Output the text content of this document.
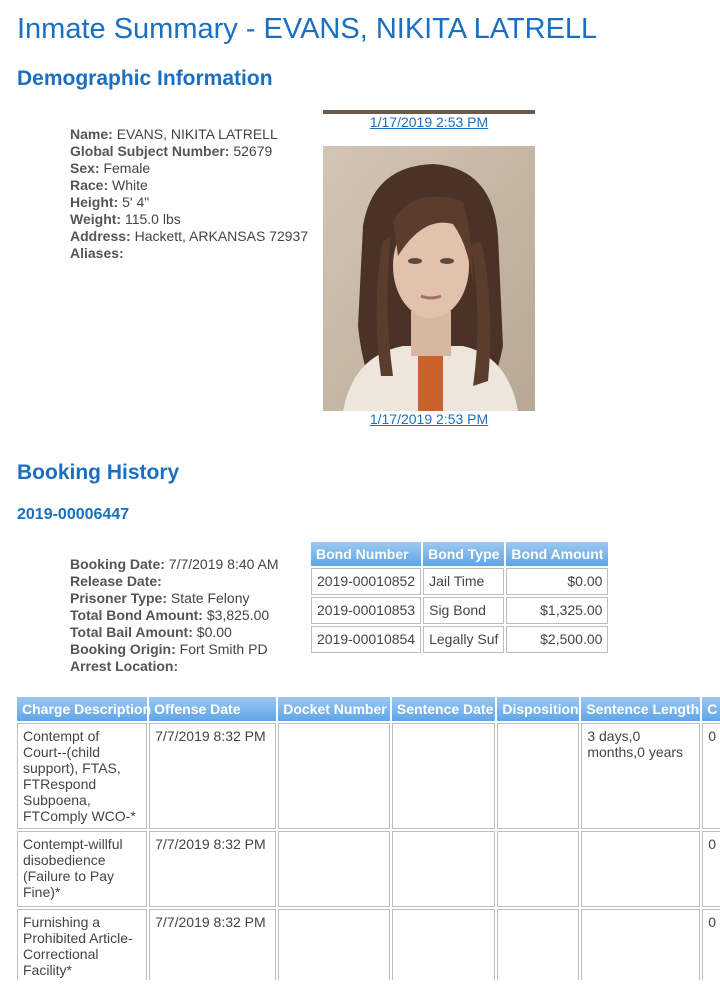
Inmate Summary - EVANS, NIKITA LATRELL
Demographic Information
1/17/2019 2:53 PM
Name: EVANS, NIKITA LATRELL
Global Subject Number: 52679
Sex: Female
Race: White
Height: 5' 4"
Weight: 115.0 lbs
Address: Hackett, ARKANSAS 72937
Aliases:
1/17/2019 2:53 PM
Booking History
2019-00006447
Booking Date: 7/7/2019 8:40 AM
Release Date:
Prisoner Type: State Felony
Total Bond Amount: $3,825.00
Total Bail Amount: $0.00
Booking Origin: Fort Smith PD
Arrest Location:
Bond Number	Bond Type	Bond Amount
2019-00010852	Jail Time	$0.00
2019-00010853	Sig Bond	$1,325.00
2019-00010854	Legally Suf	$2,500.00
Charge Description	Offense Date	Docket Number	Sentence Date	Disposition	Sentence Length	C
Contempt of Court--(child support), FTAS, FTRespond Subpoena, FTComply WCO-*	7/7/2019 8:32 PM				3 days,0 months,0 years	0
Contempt-willful disobedience (Failure to Pay Fine)*	7/7/2019 8:32 PM					0
Furnishing a Prohibited Article-Correctional Facility*	7/7/2019 8:32 PM					0
